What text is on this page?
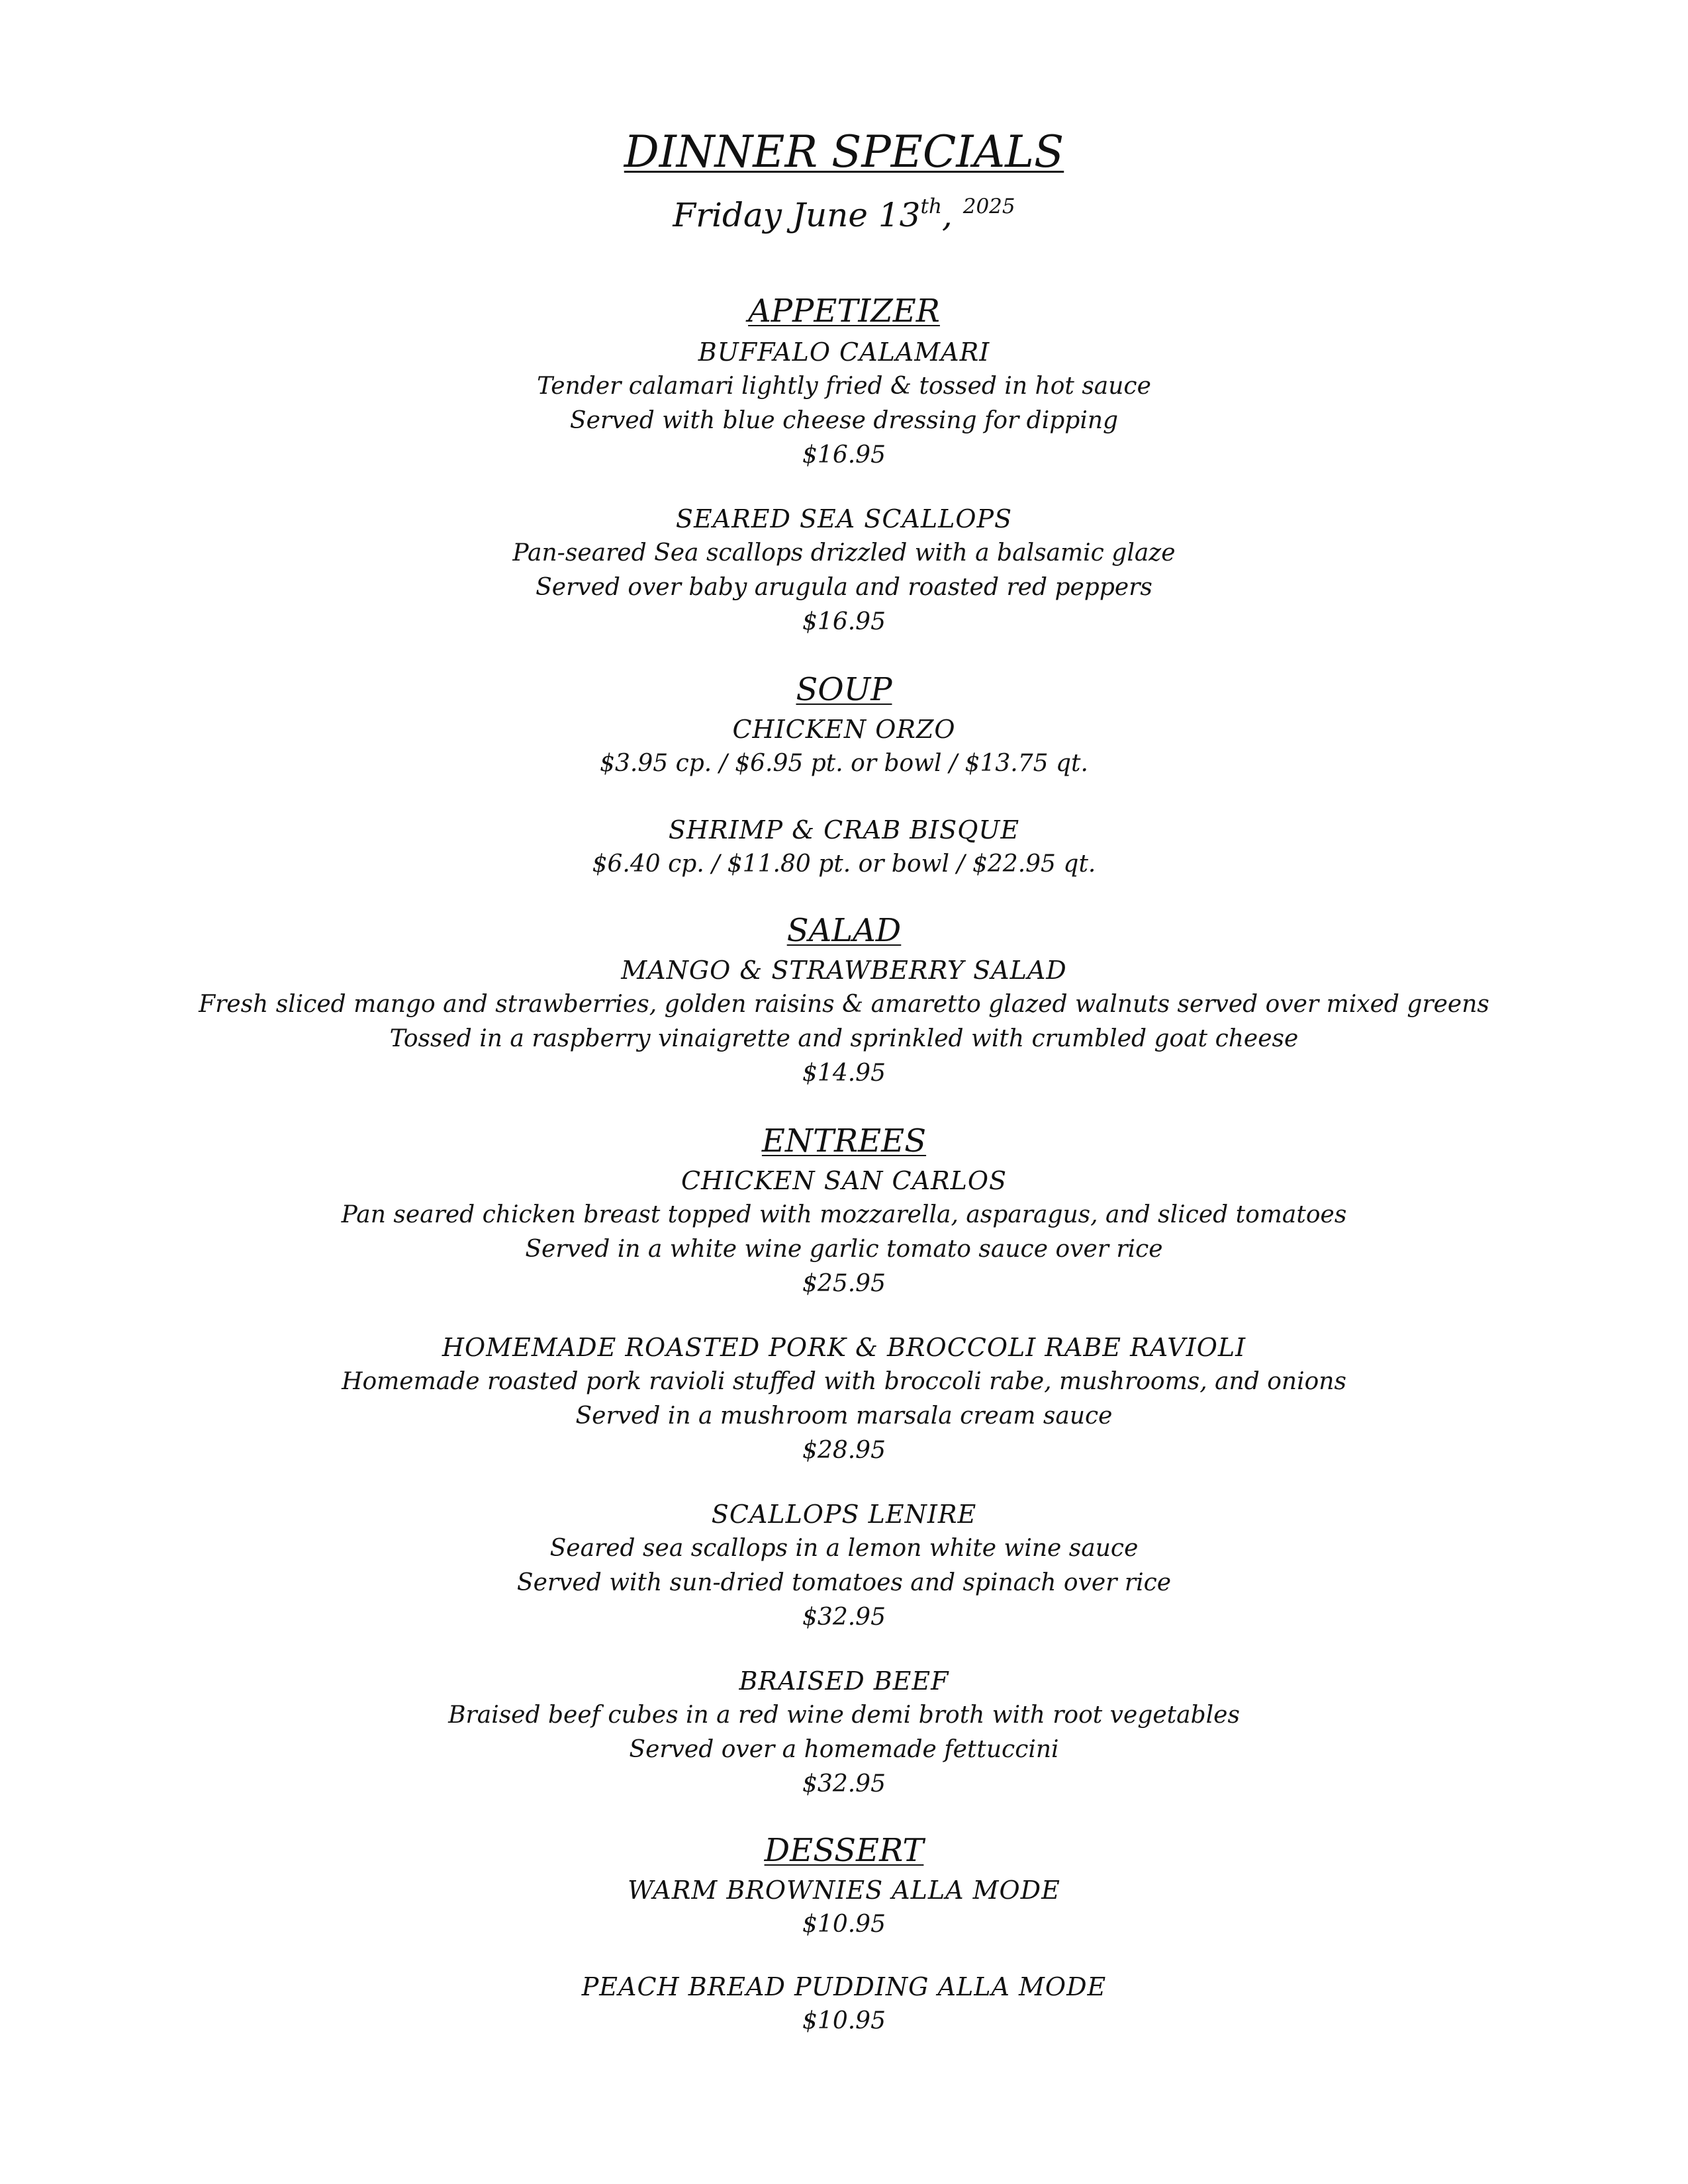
DINNER SPECIALS
Friday June 13th, $^{2025}$
APPETIZER
BUFFALO CALAMARI
Tender calamari lightly fried & tossed in hot sauce
Served with blue cheese dressing for dipping
$16.95
SEARED SEA SCALLOPS
Pan-seared Sea scallops drizzled with a balsamic glaze
Served over baby arugula and roasted red peppers
$16.95
SOUP
CHICKEN ORZO
$3.95 cp. / $6.95 pt. or bowl / $13.75 qt.
SHRIMP & CRAB BISQUE
$6.40 cp. / $11.80 pt. or bowl / $22.95 qt.
SALAD
MANGO & STRAWBERRY SALAD
Fresh sliced mango and strawberries, golden raisins & amaretto glazed walnuts served over mixed greens
Tossed in a raspberry vinaigrette and sprinkled with crumbled goat cheese
$14.95
ENTREES
CHICKEN SAN CARLOS
Pan seared chicken breast topped with mozzarella, asparagus, and sliced tomatoes
Served in a white wine garlic tomato sauce over rice
$25.95
HOMEMADE ROASTED PORK & BROCCOLI RABE RAVIOLI
Homemade roasted pork ravioli stuffed with broccoli rabe, mushrooms, and onions
Served in a mushroom marsala cream sauce
$28.95
SCALLOPS LENIRE
Seared sea scallops in a lemon white wine sauce
Served with sun-dried tomatoes and spinach over rice
$32.95
BRAISED BEEF
Braised beef cubes in a red wine demi broth with root vegetables
Served over a homemade fettuccini
$32.95
DESSERT
WARM BROWNIES ALLA MODE
$10.95
PEACH BREAD PUDDING ALLA MODE
$10.95
